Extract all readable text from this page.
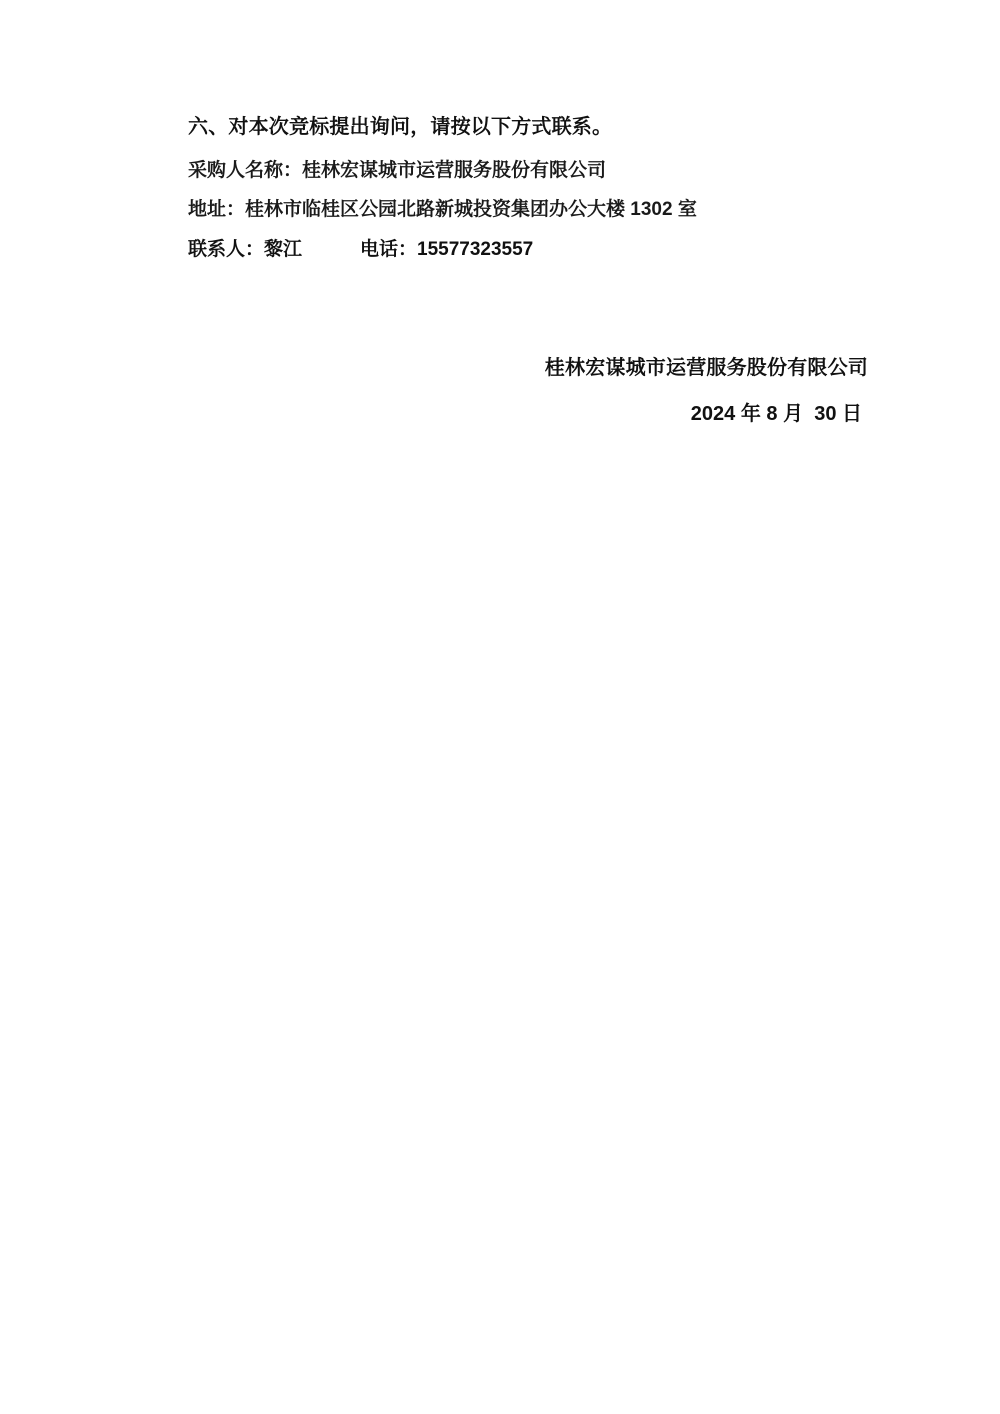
六、对本次竞标提出询问，请按以下方式联系。

采购人名称：桂林宏谋城市运营服务股份有限公司

地址：桂林市临桂区公园北路新城投资集团办公大楼 1302 室

联系人：黎江	电话：15577323557

桂林宏谋城市运营服务股份有限公司

2024 年 8 月  30 日
